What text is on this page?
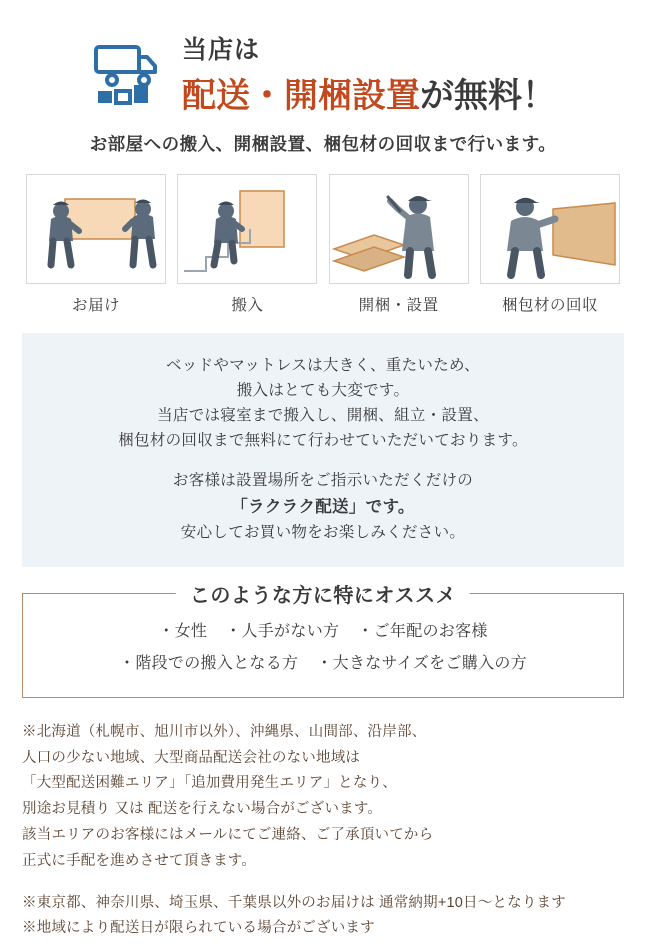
当店は
配送・開梱設置が無料！
お部屋への搬入、開梱設置、梱包材の回収まで行います。
お届け	搬入	開梱・設置	梱包材の回収

ベッドやマットレスは大きく、重たいため、

搬入はとても大変です。

当店では寝室まで搬入し、開梱、組立・設置、

梱包材の回収まで無料にて行わせていただいております。

お客様は設置場所をご指示いただくだけの

「ラクラク配送」です。

安心してお買い物をお楽しみください。

・女性 ・人手がない方 ・ご年配のお客様
・階段での搬入となる方 ・大きなサイズをご購入の方
このような方に特にオススメ

※北海道（札幌市、旭川市以外）、沖縄県、山間部、沿岸部、

人口の少ない地域、大型商品配送会社のない地域は

「大型配送困難エリア」「追加費用発生エリア」となり、

別途お見積り 又は 配送を行えない場合がございます。

該当エリアのお客様にはメールにてご連絡、ご了承頂いてから

正式に手配を進めさせて頂きます。

※東京都、神奈川県、埼玉県、千葉県以外のお届けは 通常納期+10日～となります

※地域により配送日が限られている場合がございます
